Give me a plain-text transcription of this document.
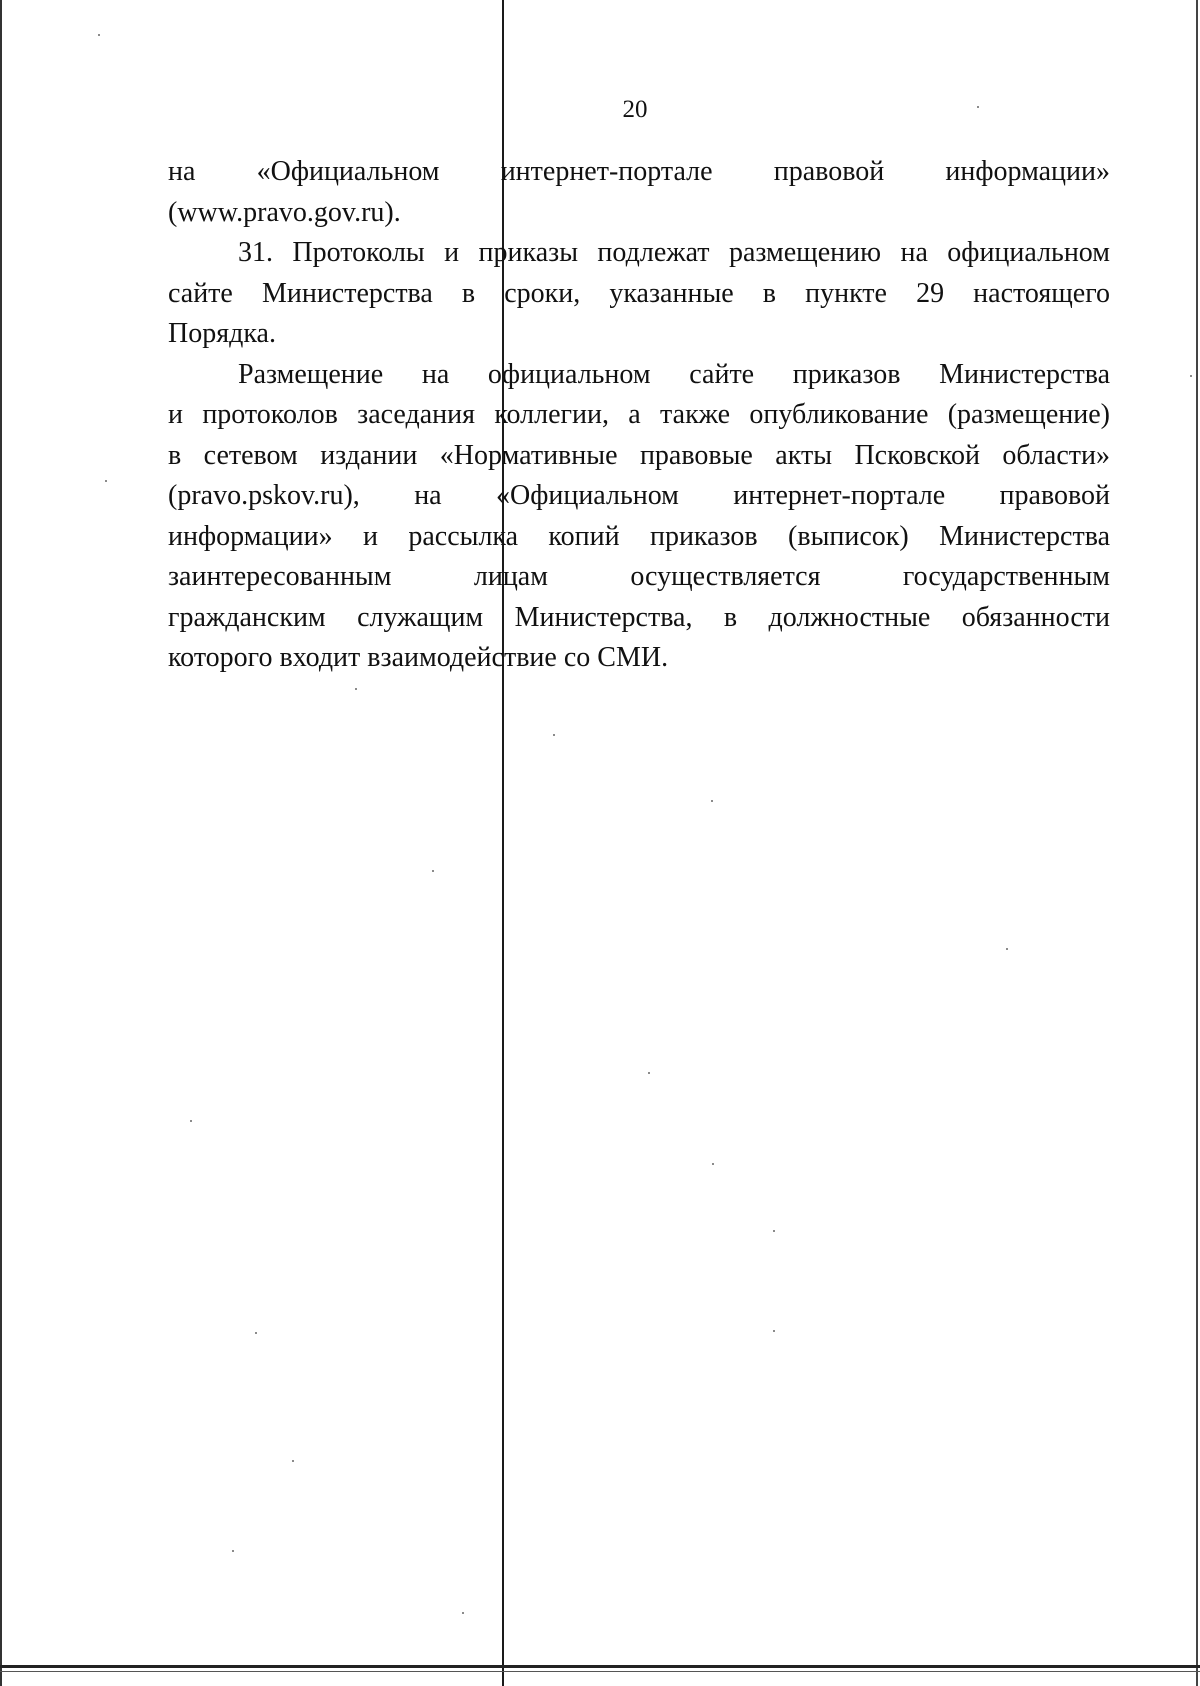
20

на «Официальном интернет-портале правовой информации»

(www.pravo.gov.ru).

31. Протоколы и приказы подлежат размещению на официальном

сайте Министерства в сроки, указанные в пункте 29 настоящего

Порядка.

Размещение на официальном сайте приказов Министерства

и протоколов заседания коллегии, а также опубликование (размещение)

в сетевом издании «Нормативные правовые акты Псковской области»

(pravo.pskov.ru), на «Официальном интернет-портале правовой

информации» и рассылка копий приказов (выписок) Министерства

заинтересованным лицам осуществляется государственным

гражданским служащим Министерства, в должностные обязанности

которого входит взаимодействие со СМИ.
